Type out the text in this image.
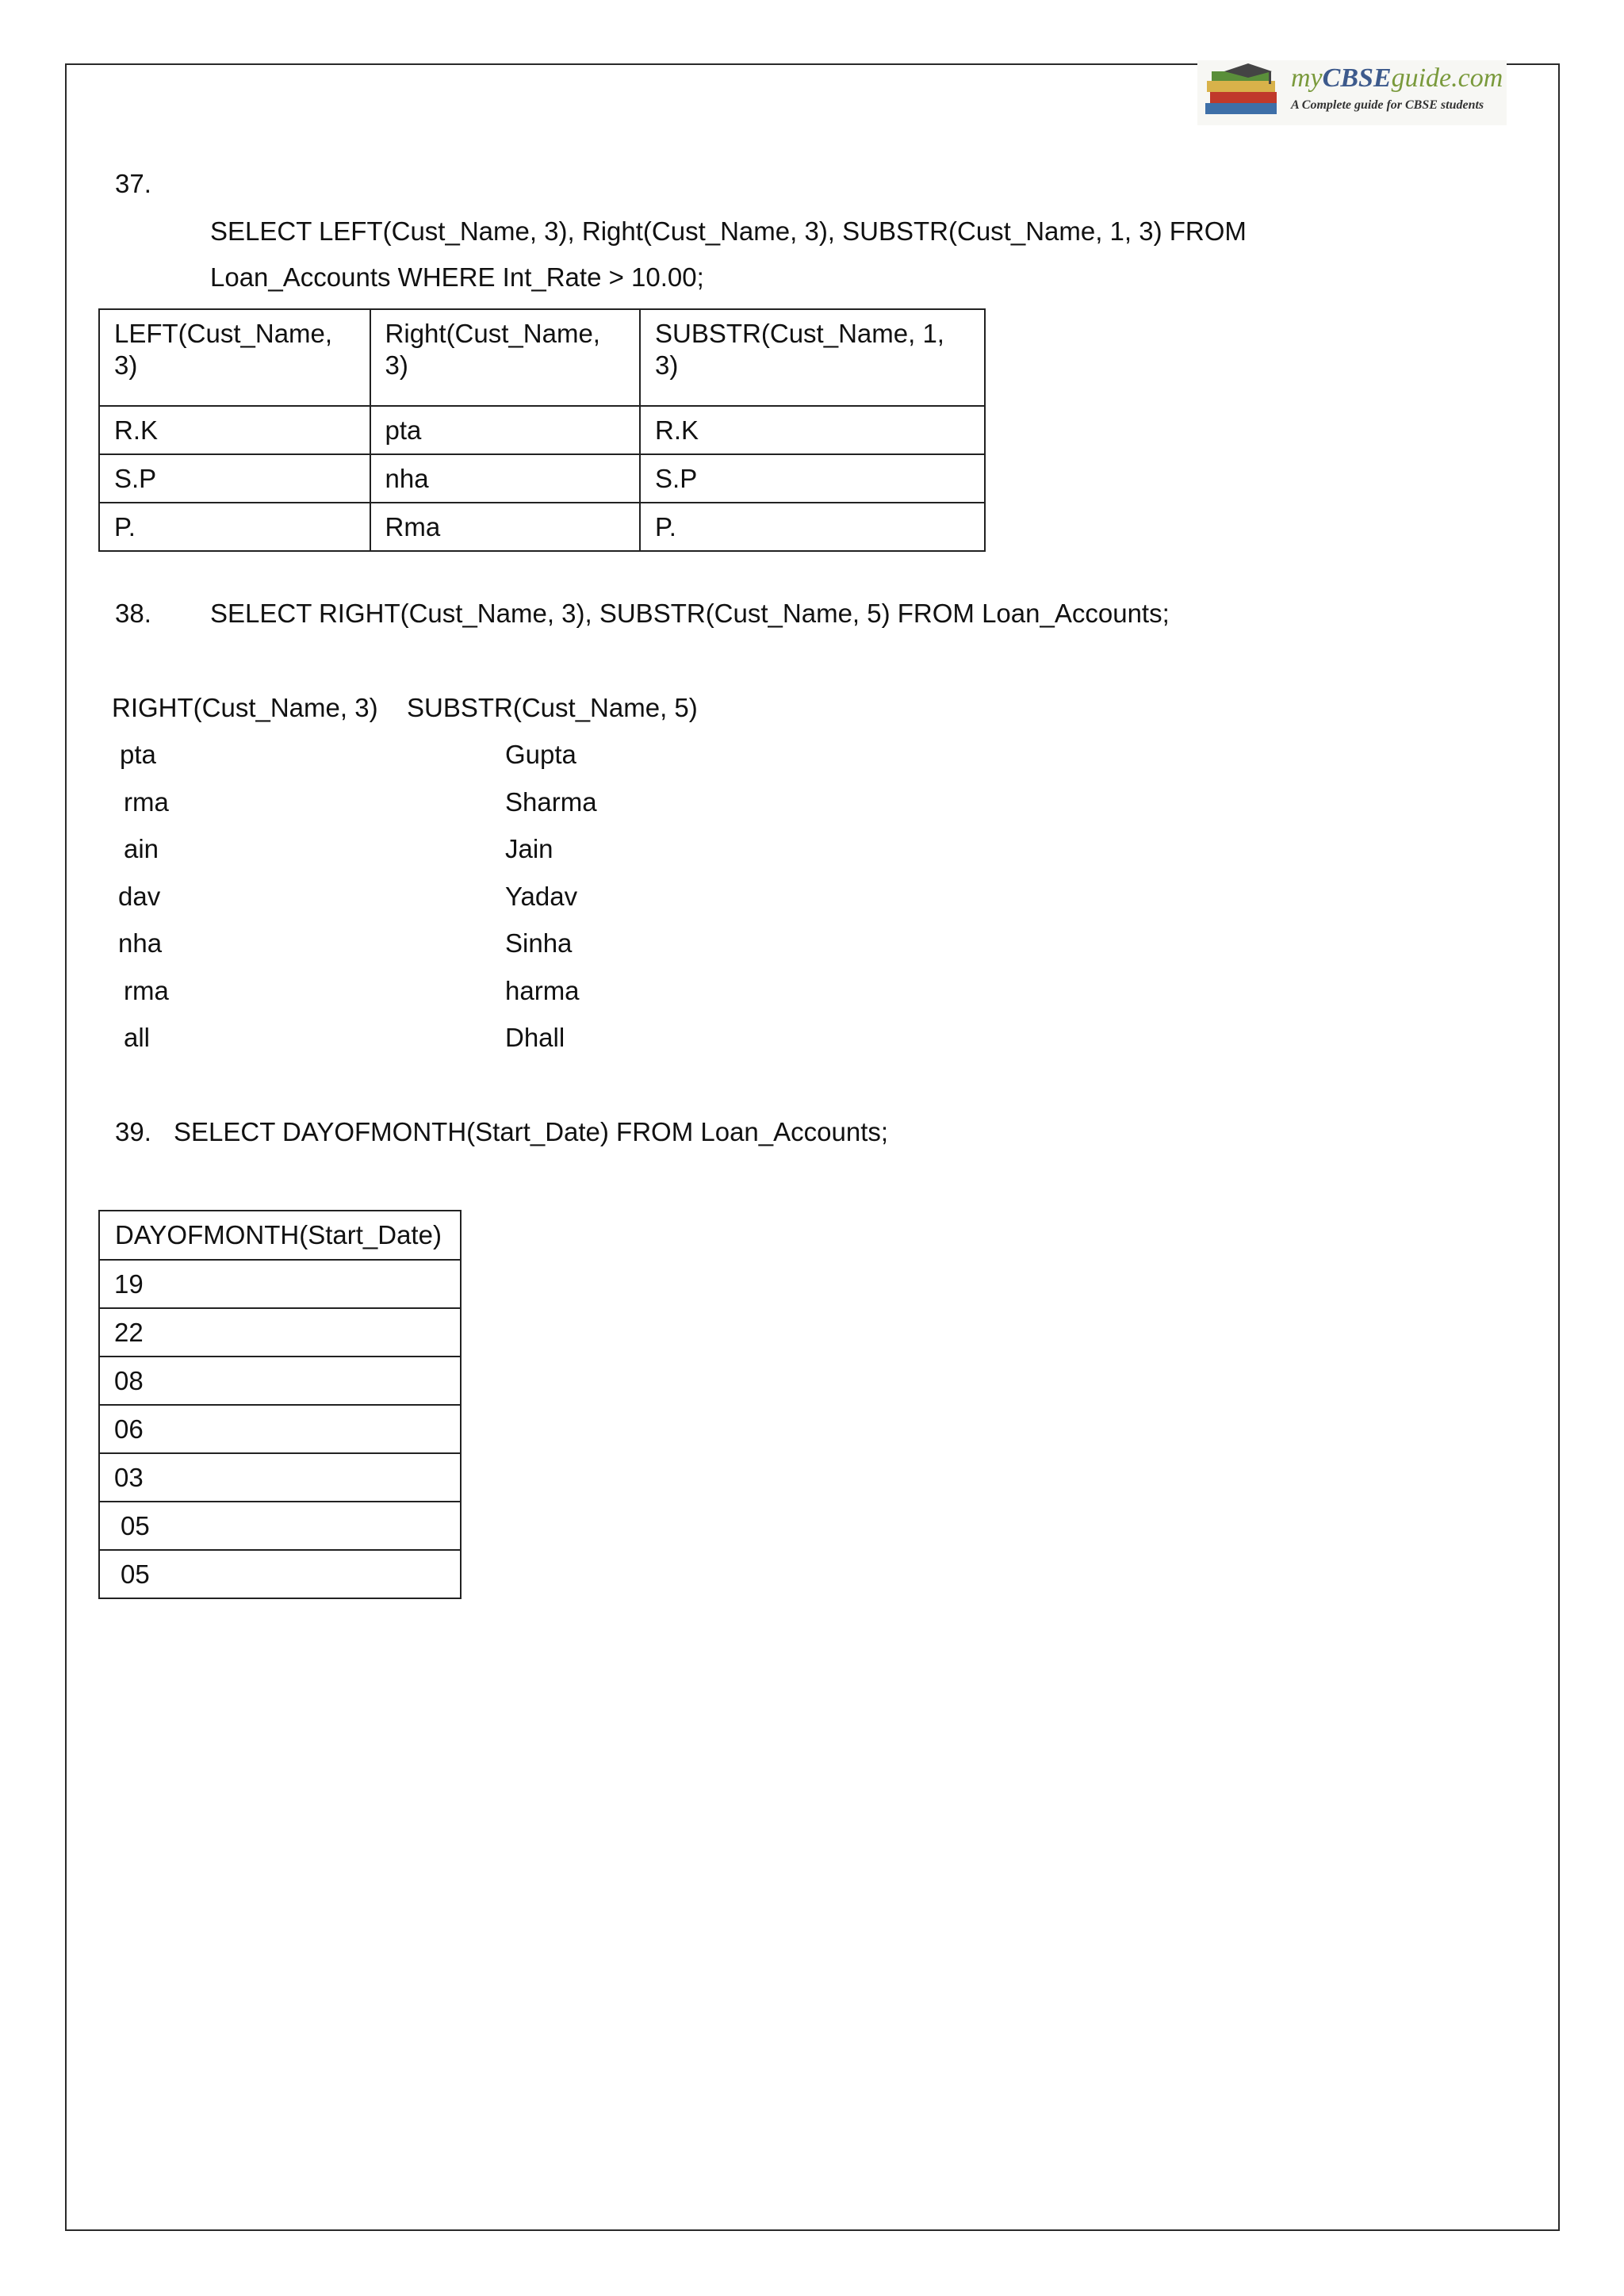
myCBSEguide.com
A Complete guide for CBSE students
37.
SELECT LEFT(Cust_Name, 3), Right(Cust_Name, 3), SUBSTR(Cust_Name, 1, 3) FROM
Loan_Accounts WHERE Int_Rate > 10.00;
LEFT(Cust_Name,
3)	Right(Cust_Name, 3)	SUBSTR(Cust_Name, 1, 3)
R.K	pta	R.K
S.P	nha	S.P
P.	Rma	P.
38. SELECT RIGHT(Cust_Name, 3), SUBSTR(Cust_Name, 5) FROM Loan_Accounts;
RIGHT(Cust_Name, 3) SUBSTR(Cust_Name, 5)
pta	Gupta
rma	Sharma
ain	Jain
dav	Yadav
nha	Sinha
rma	harma
all	Dhall
39. SELECT DAYOFMONTH(Start_Date) FROM Loan_Accounts;
DAYOFMONTH(Start_Date)
19
22
08
06
03
05
05
